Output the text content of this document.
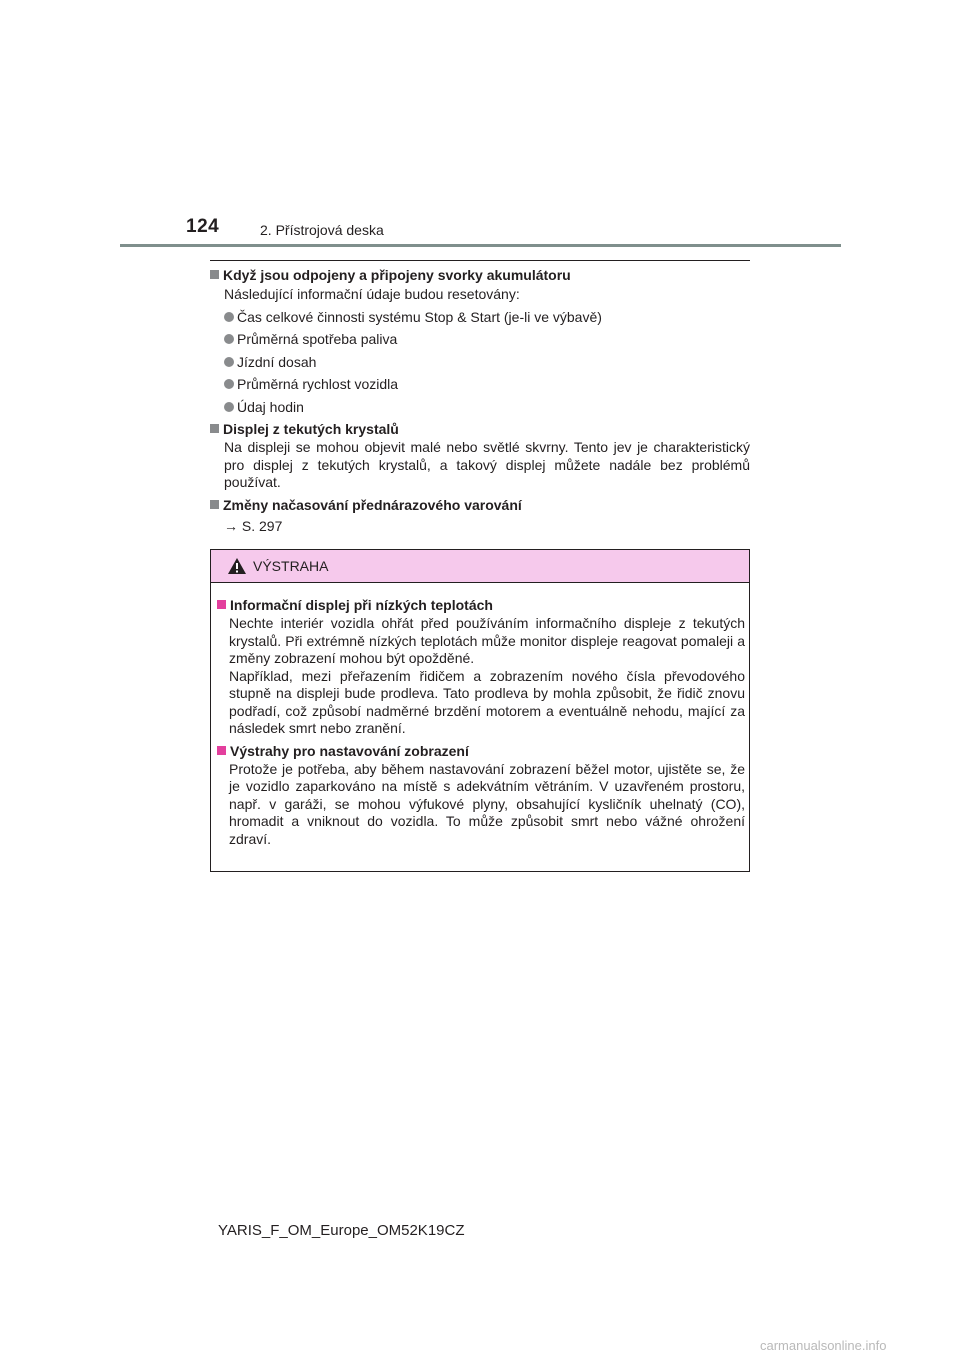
124	2. Přístrojová deska
Když jsou odpojeny a připojeny svorky akumulátoru
Následující informační údaje budou resetovány:
Čas celkové činnosti systému Stop & Start (je-li ve výbavě)
Průměrná spotřeba paliva
Jízdní dosah
Průměrná rychlost vozidla
Údaj hodin
Displej z tekutých krystalů
Na displeji se mohou objevit malé nebo světlé skvrny. Tento jev je charakteristický pro displej z tekutých krystalů, a takový displej můžete nadále bez problémů používat.
Změny načasování přednárazového varování
→ S. 297
VÝSTRAHA
Informační displej při nízkých teplotách
Nechte interiér vozidla ohřát před používáním informačního displeje z tekutých krystalů. Při extrémně nízkých teplotách může monitor displeje reagovat pomaleji a změny zobrazení mohou být opožděné.
Například, mezi přeřazením řidičem a zobrazením nového čísla převodového stupně na displeji bude prodleva. Tato prodleva by mohla způsobit, že řidič znovu podřadí, což způsobí nadměrné brzdění motorem a eventuálně nehodu, mající za následek smrt nebo zranění.
Výstrahy pro nastavování zobrazení
Protože je potřeba, aby během nastavování zobrazení běžel motor, ujistěte se, že je vozidlo zaparkováno na místě s adekvátním větráním. V uzavřeném prostoru, např. v garáži, se mohou výfukové plyny, obsahující kysličník uhelnatý (CO), hromadit a vniknout do vozidla. To může způsobit smrt nebo vážné ohrožení zdraví.
YARIS_F_OM_Europe_OM52K19CZ
carmanualsonline.info
